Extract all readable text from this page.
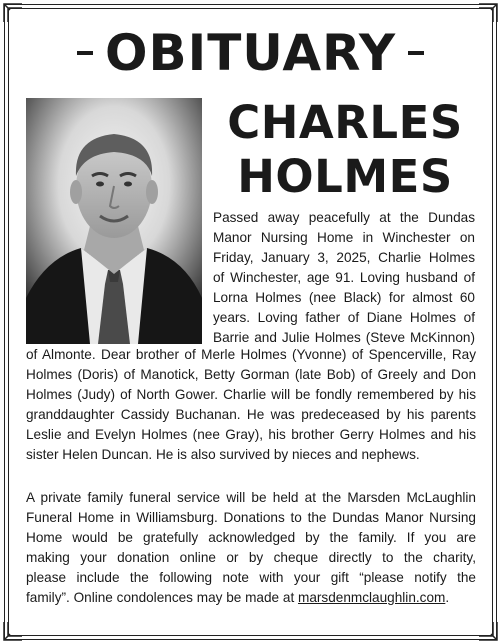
OBITUARY
CHARLES
HOLMES
Passed away peacefully at the Dundas
Manor Nursing Home in Winchester on
Friday, January 3, 2025, Charlie Holmes
of Winchester, age 91. Loving husband of
Lorna Holmes (nee Black) for almost 60
years. Loving father of Diane Holmes of
Barrie and Julie Holmes (Steve McKinnon)
of Almonte. Dear brother of Merle Holmes (Yvonne) of Spencerville, Ray
Holmes (Doris) of Manotick, Betty Gorman (late Bob) of Greely and Don
Holmes (Judy) of North Gower. Charlie will be fondly remembered by his
granddaughter Cassidy Buchanan. He was predeceased by his parents
Leslie and Evelyn Holmes (nee Gray), his brother Gerry Holmes and his
sister Helen Duncan. He is also survived by nieces and nephews.
A private family funeral service will be held at the Marsden McLaughlin
Funeral Home in Williamsburg. Donations to the Dundas Manor Nursing
Home would be gratefully acknowledged by the family. If you are
making your donation online or by cheque directly to the charity,
please include the following note with your gift “please notify the
family”. Online condolences may be made at marsdenmclaughlin.com.
